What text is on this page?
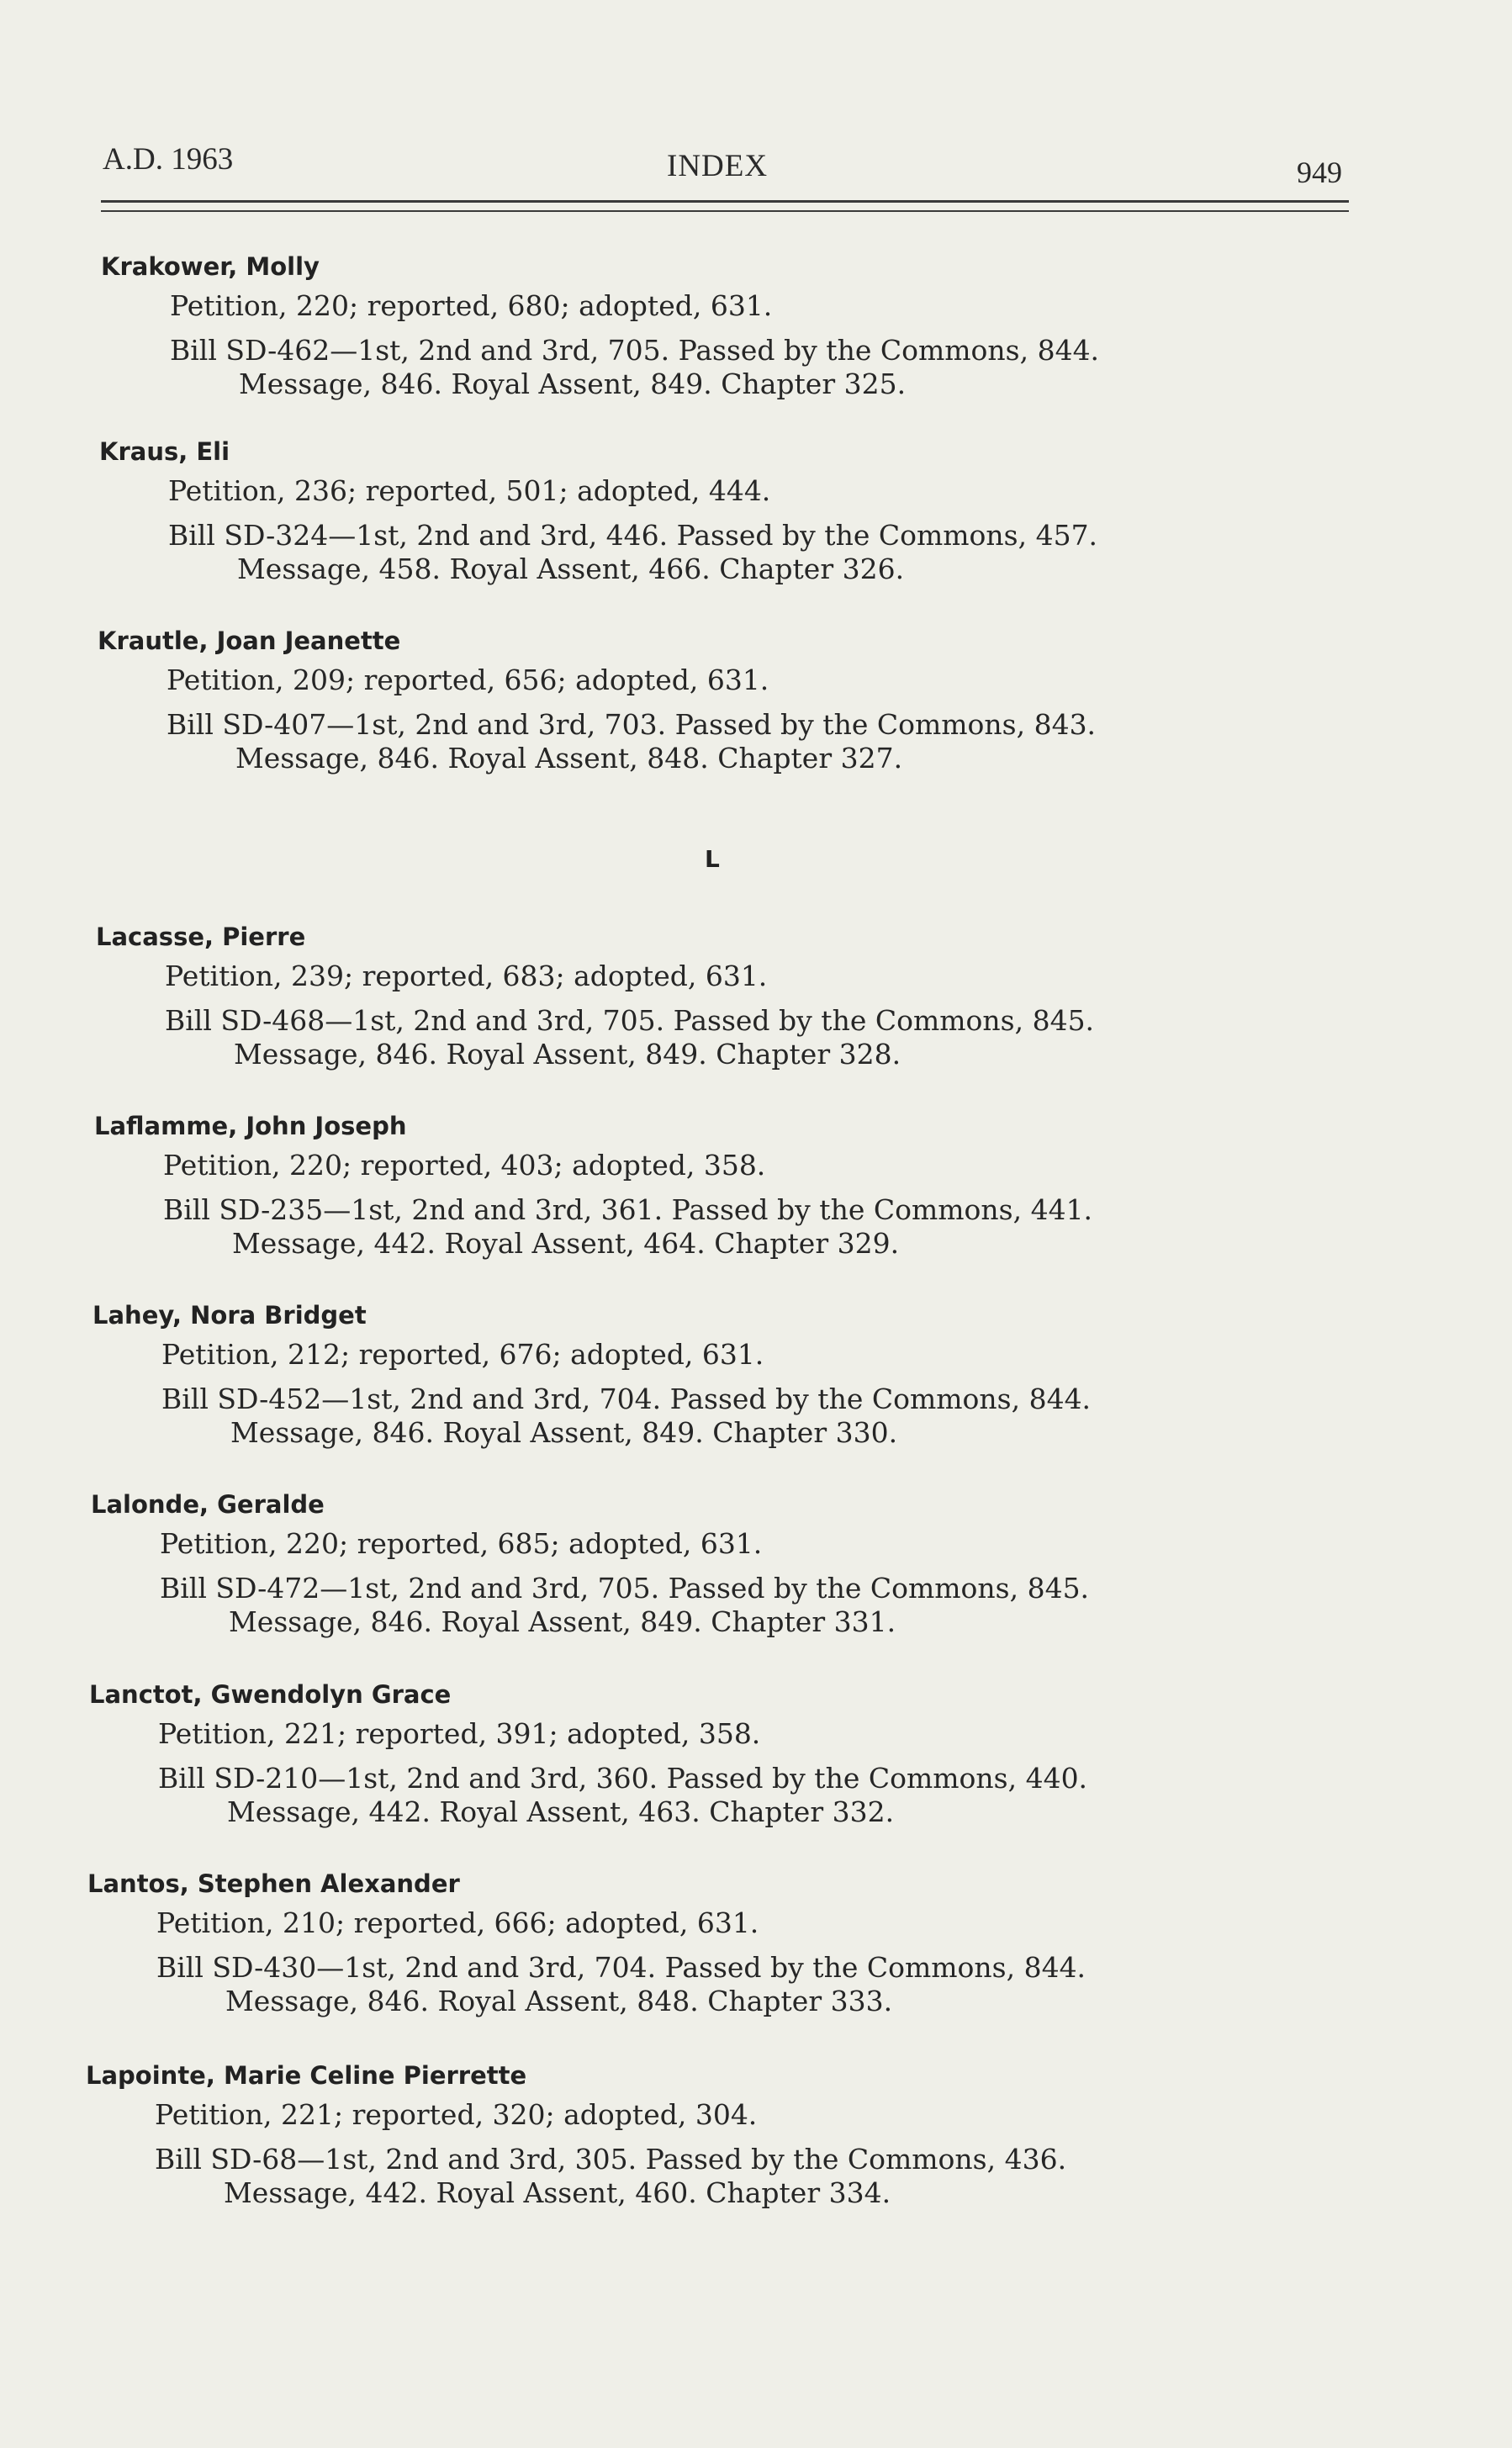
A.D. 1963	INDEX	949
L
Krakower, Molly
Petition, 220; reported, 680; adopted, 631.
Bill SD-462—1st, 2nd and 3rd, 705. Passed by the Commons, 844.
Message, 846. Royal Assent, 849. Chapter 325.
Kraus, Eli
Petition, 236; reported, 501; adopted, 444.
Bill SD-324—1st, 2nd and 3rd, 446. Passed by the Commons, 457.
Message, 458. Royal Assent, 466. Chapter 326.
Krautle, Joan Jeanette
Petition, 209; reported, 656; adopted, 631.
Bill SD-407—1st, 2nd and 3rd, 703. Passed by the Commons, 843.
Message, 846. Royal Assent, 848. Chapter 327.
Lacasse, Pierre
Petition, 239; reported, 683; adopted, 631.
Bill SD-468—1st, 2nd and 3rd, 705. Passed by the Commons, 845.
Message, 846. Royal Assent, 849. Chapter 328.
Laflamme, John Joseph
Petition, 220; reported, 403; adopted, 358.
Bill SD-235—1st, 2nd and 3rd, 361. Passed by the Commons, 441.
Message, 442. Royal Assent, 464. Chapter 329.
Lahey, Nora Bridget
Petition, 212; reported, 676; adopted, 631.
Bill SD-452—1st, 2nd and 3rd, 704. Passed by the Commons, 844.
Message, 846. Royal Assent, 849. Chapter 330.
Lalonde, Geralde
Petition, 220; reported, 685; adopted, 631.
Bill SD-472—1st, 2nd and 3rd, 705. Passed by the Commons, 845.
Message, 846. Royal Assent, 849. Chapter 331.
Lanctot, Gwendolyn Grace
Petition, 221; reported, 391; adopted, 358.
Bill SD-210—1st, 2nd and 3rd, 360. Passed by the Commons, 440.
Message, 442. Royal Assent, 463. Chapter 332.
Lantos, Stephen Alexander
Petition, 210; reported, 666; adopted, 631.
Bill SD-430—1st, 2nd and 3rd, 704. Passed by the Commons, 844.
Message, 846. Royal Assent, 848. Chapter 333.
Lapointe, Marie Celine Pierrette
Petition, 221; reported, 320; adopted, 304.
Bill SD-68—1st, 2nd and 3rd, 305. Passed by the Commons, 436.
Message, 442. Royal Assent, 460. Chapter 334.
